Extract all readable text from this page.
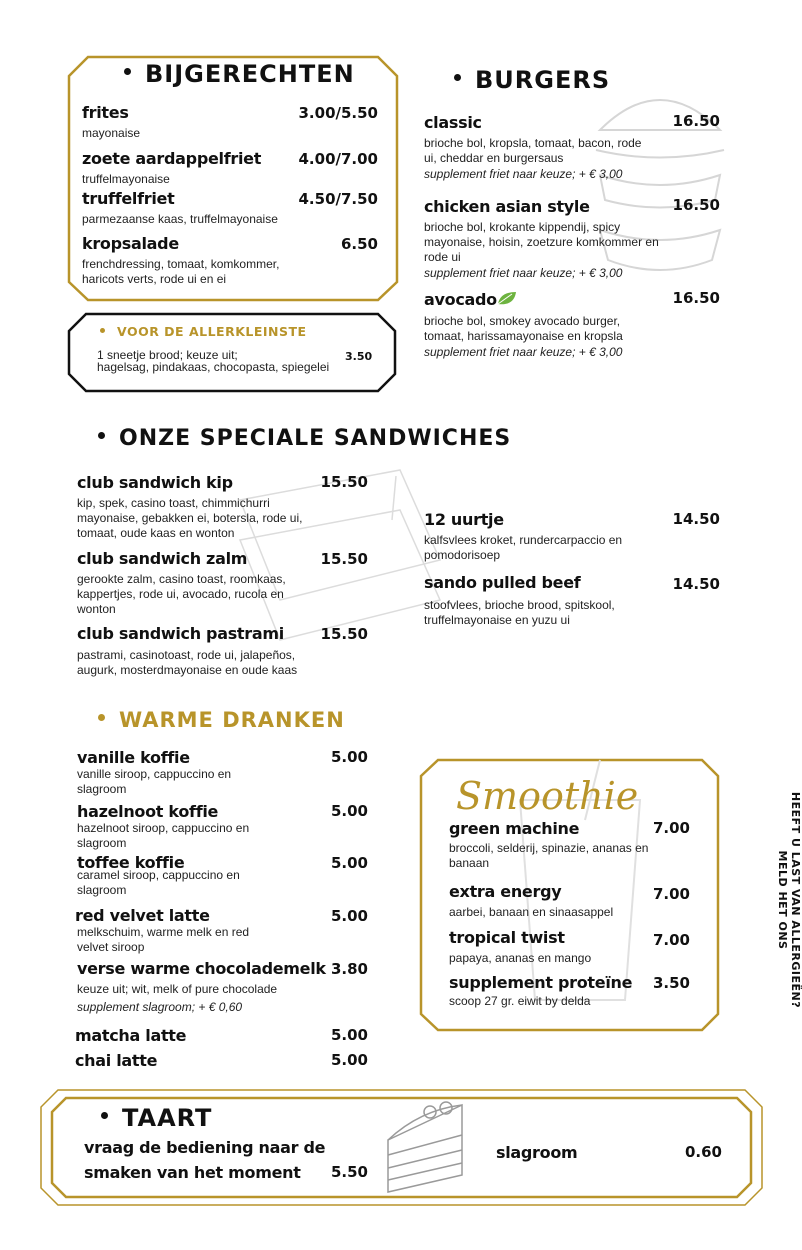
BIJGERECHTEN
frites	3.00/5.50
mayonaise
zoete aardappelfriet 4.00/7.00
truffelmayonaise
truffelfriet	4.50/7.50
parmezaanse kaas, truffelmayonaise
kropsalade	6.50
frenchdressing, tomaat, komkommer, haricots verts, rode ui en ei
VOOR DE ALLERKLEINSTE
1 sneetje brood; keuze uit;
hagelsag, pindakaas, chocopasta, spiegelei
3.50
BURGERS
classic	16.50
brioche bol, kropsla, tomaat, bacon, rode ui, cheddar en burgersaus
supplement friet naar keuze; + € 3,00
chicken asian style	16.50
brioche bol, krokante kippendij, spicy mayonaise, hoisin, zoetzure komkommer en rode ui
supplement friet naar keuze; + € 3,00
avocado	16.50
brioche bol, smokey avocado burger, tomaat, harissamayonaise en kropsla
supplement friet naar keuze; + € 3,00
ONZE SPECIALE SANDWICHES
club sandwich kip	15.50
kip, spek, casino toast, chimmichurri mayonaise, gebakken ei, botersla, rode ui, tomaat, oude kaas en wonton
club sandwich zalm	15.50
gerookte zalm, casino toast, roomkaas, kappertjes, rode ui, avocado, rucola en wonton
club sandwich pastrami	15.50
pastrami, casinotoast, rode ui, jalapeños, augurk, mosterdmayonaise en oude kaas
12 uurtje	14.50
kalfsvlees kroket, rundercarpaccio en pomodorisoep
sando pulled beef	14.50
stoofvlees, brioche brood, spitskool, truffelmayonaise en yuzu ui
WARME DRANKEN
vanille koffie	5.00
vanille siroop, cappuccino en slagroom
hazelnoot koffie	5.00
hazelnoot siroop, cappuccino en slagroom
toffee koffie	5.00
caramel siroop, cappuccino en slagroom
red velvet latte	5.00
melkschuim, warme melk en red velvet siroop
verse warme chocolademelk 3.80
keuze uit; wit, melk of pure chocolade
supplement slagroom; + € 0,60
matcha latte	5.00
chai latte	5.00
Smoothie
green machine	7.00
broccoli, selderij, spinazie, ananas en banaan
extra energy	7.00
aarbei, banaan en sinaasappel
tropical twist	7.00
papaya, ananas en mango
supplement proteïne	3.50
scoop 27 gr. eiwit by delda	HEEFT U LAST VAN ALLERGIEËN?
MELD HET ONS
TAART
vraag de bediening naar de
smaken van het moment	5.50
slagroom	0.60
